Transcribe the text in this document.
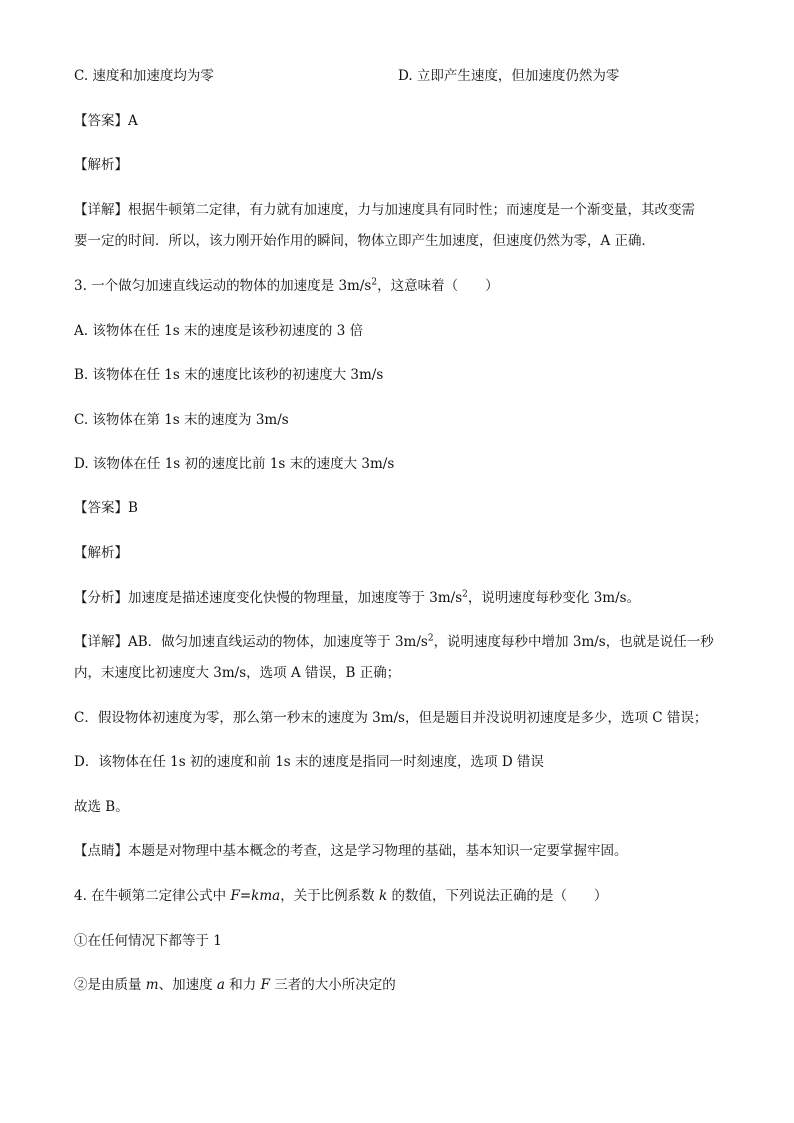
C. 速度和加速度均为零	D. 立即产生速度，但加速度仍然为零
【答案】A
【解析】
【详解】根据牛顿第二定律，有力就有加速度，力与加速度具有同时性；而速度是一个渐变量，其改变需
要一定的时间．所以，该力刚开始作用的瞬间，物体立即产生加速度，但速度仍然为零，A 正确．
3. 一个做匀加速直线运动的物体的加速度是 $3m/s^2$，这意味着（　　）
A. 该物体在任 1s 末的速度是该秒初速度的 3 倍
B. 该物体在任 1s 末的速度比该秒的初速度大 3m/s
C. 该物体在第 1s 末的速度为 3m/s
D. 该物体在任 1s 初的速度比前 1s 末的速度大 3m/s
【答案】B
【解析】
【分析】加速度是描述速度变化快慢的物理量，加速度等于 $3m/s^2$，说明速度每秒变化 3m/s。
【详解】AB．做匀加速直线运动的物体，加速度等于 $3m/s^2$，说明速度每秒中增加 3m/s，也就是说任一秒
内，末速度比初速度大 3m/s，选项 A 错误，B 正确；
C．假设物体初速度为零，那么第一秒末的速度为 3m/s，但是题目并没说明初速度是多少，选项 C 错误；
D．该物体在任 1s 初的速度和前 1s 末的速度是指同一时刻速度，选项 D 错误
故选 B。
【点睛】本题是对物理中基本概念的考查，这是学习物理的基础，基本知识一定要掌握牢固。
4. 在牛顿第二定律公式中 F=kma，关于比例系数 k 的数值，下列说法正确的是（　　）
①在任何情况下都等于 1
②是由质量 m、加速度 a 和力 F 三者的大小所决定的
